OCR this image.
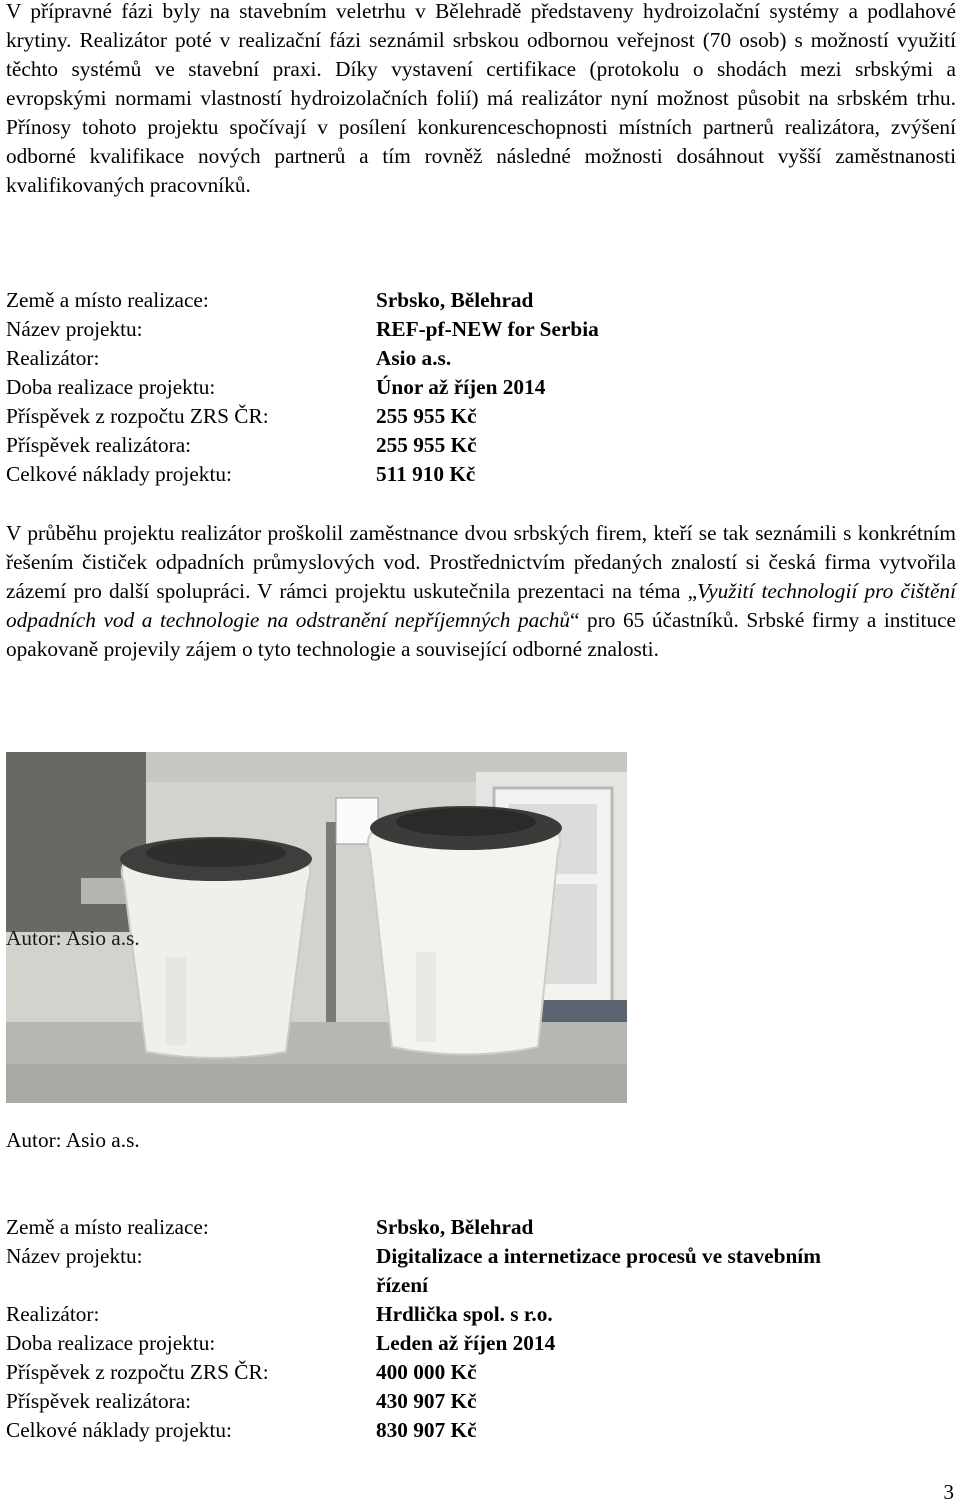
V přípravné fázi byly na stavebním veletrhu v Bělehradě představeny hydroizolační systémy a podlahové krytiny. Realizátor poté v realizační fázi seznámil srbskou odbornou veřejnost (70 osob) s možností využití těchto systémů ve stavební praxi. Díky vystavení certifikace (protokolu o shodách mezi srbskými a evropskými normami vlastností hydroizolačních folií) má realizátor nyní možnost působit na srbském trhu. Přínosy tohoto projektu spočívají v posílení konkurenceschopnosti místních partnerů realizátora, zvýšení odborné kvalifikace nových partnerů a tím rovněž následné možnosti dosáhnout vyšší zaměstnanosti kvalifikovaných pracovníků.

Země a místo realizace:	Srbsko, Bělehrad
Název projektu:	REF-pf-NEW for Serbia
Realizátor:	Asio a.s.
Doba realizace projektu:	Únor až říjen 2014
Příspěvek z rozpočtu ZRS ČR:	255 955 Kč
Příspěvek realizátora:	255 955 Kč
Celkové náklady projektu:	511 910 Kč

V průběhu projektu realizátor proškolil zaměstnance dvou srbských firem, kteří se tak seznámili s konkrétním řešením čističek odpadních průmyslových vod. Prostřednictvím předaných znalostí si česká firma vytvořila zázemí pro další spolupráci. V rámci projektu uskutečnila prezentaci na téma „Využití technologií pro čištění odpadních vod a technologie na odstranění nepříjemných pachů“ pro 65 účastníků. Srbské firmy a instituce opakovaně projevily zájem o tyto technologie a související odborné znalosti.

Autor: Asio a.s.
Autor: Asio a.s.
Země a místo realizace:	Srbsko, Bělehrad
Název projektu:	Digitalizace a internetizace procesů ve stavebním
řízení
Realizátor:	Hrdlička spol. s r.o.
Doba realizace projektu:	Leden až říjen 2014
Příspěvek z rozpočtu ZRS ČR:	400 000 Kč
Příspěvek realizátora:	430 907 Kč
Celkové náklady projektu:	830 907 Kč
3
